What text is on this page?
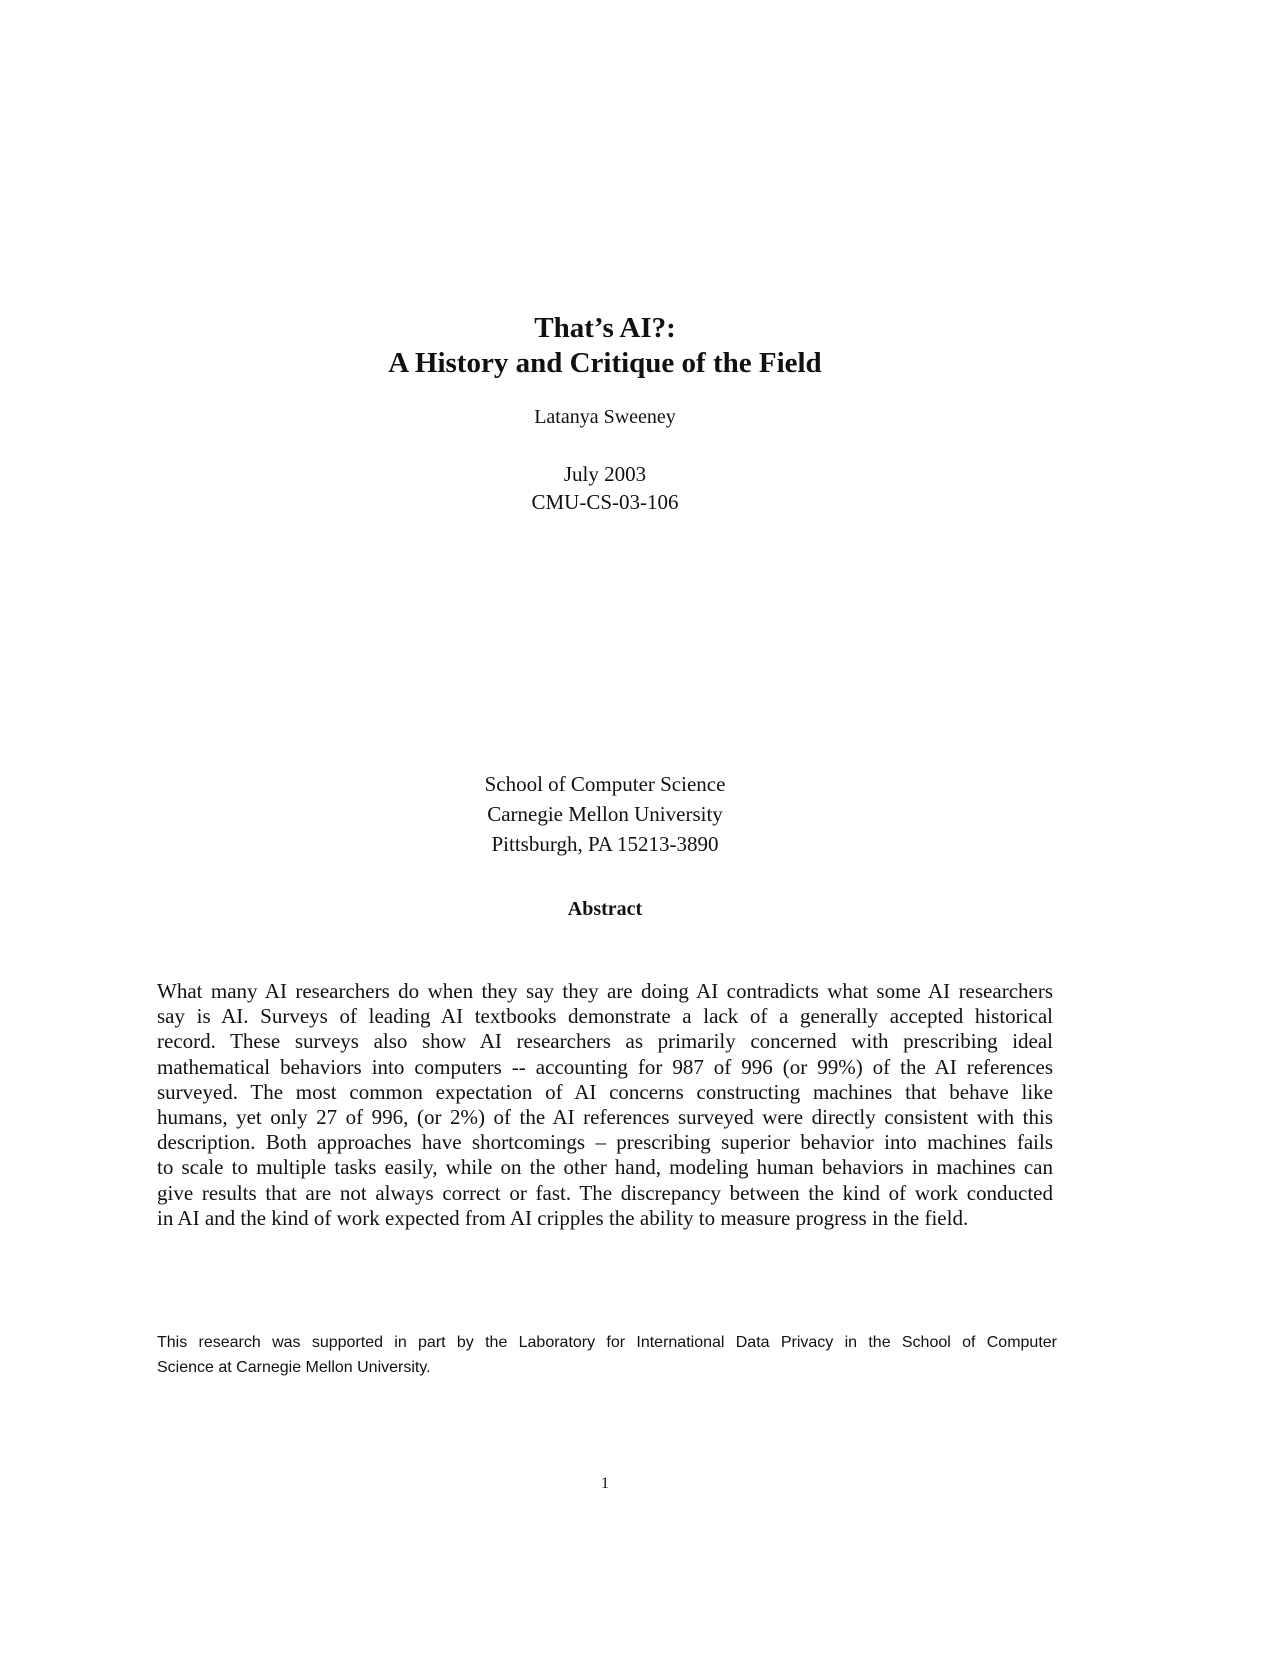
That’s AI?:
A History and Critique of the Field
Latanya Sweeney
July 2003
CMU-CS-03-106
School of Computer Science
Carnegie Mellon University
Pittsburgh, PA 15213-3890
Abstract
What many AI researchers do when they say they are doing AI contradicts what some AI researchers
say is AI. Surveys of leading AI textbooks demonstrate a lack of a generally accepted historical
record. These surveys also show AI researchers as primarily concerned with prescribing ideal
mathematical behaviors into computers -- accounting for 987 of 996 (or 99%) of the AI references
surveyed. The most common expectation of AI concerns constructing machines that behave like
humans, yet only 27 of 996, (or 2%) of the AI references surveyed were directly consistent with this
description. Both approaches have shortcomings – prescribing superior behavior into machines fails
to scale to multiple tasks easily, while on the other hand, modeling human behaviors in machines can
give results that are not always correct or fast. The discrepancy between the kind of work conducted
in AI and the kind of work expected from AI cripples the ability to measure progress in the field.
This research was supported in part by the Laboratory for International Data Privacy in the School of Computer
Science at Carnegie Mellon University.
1
